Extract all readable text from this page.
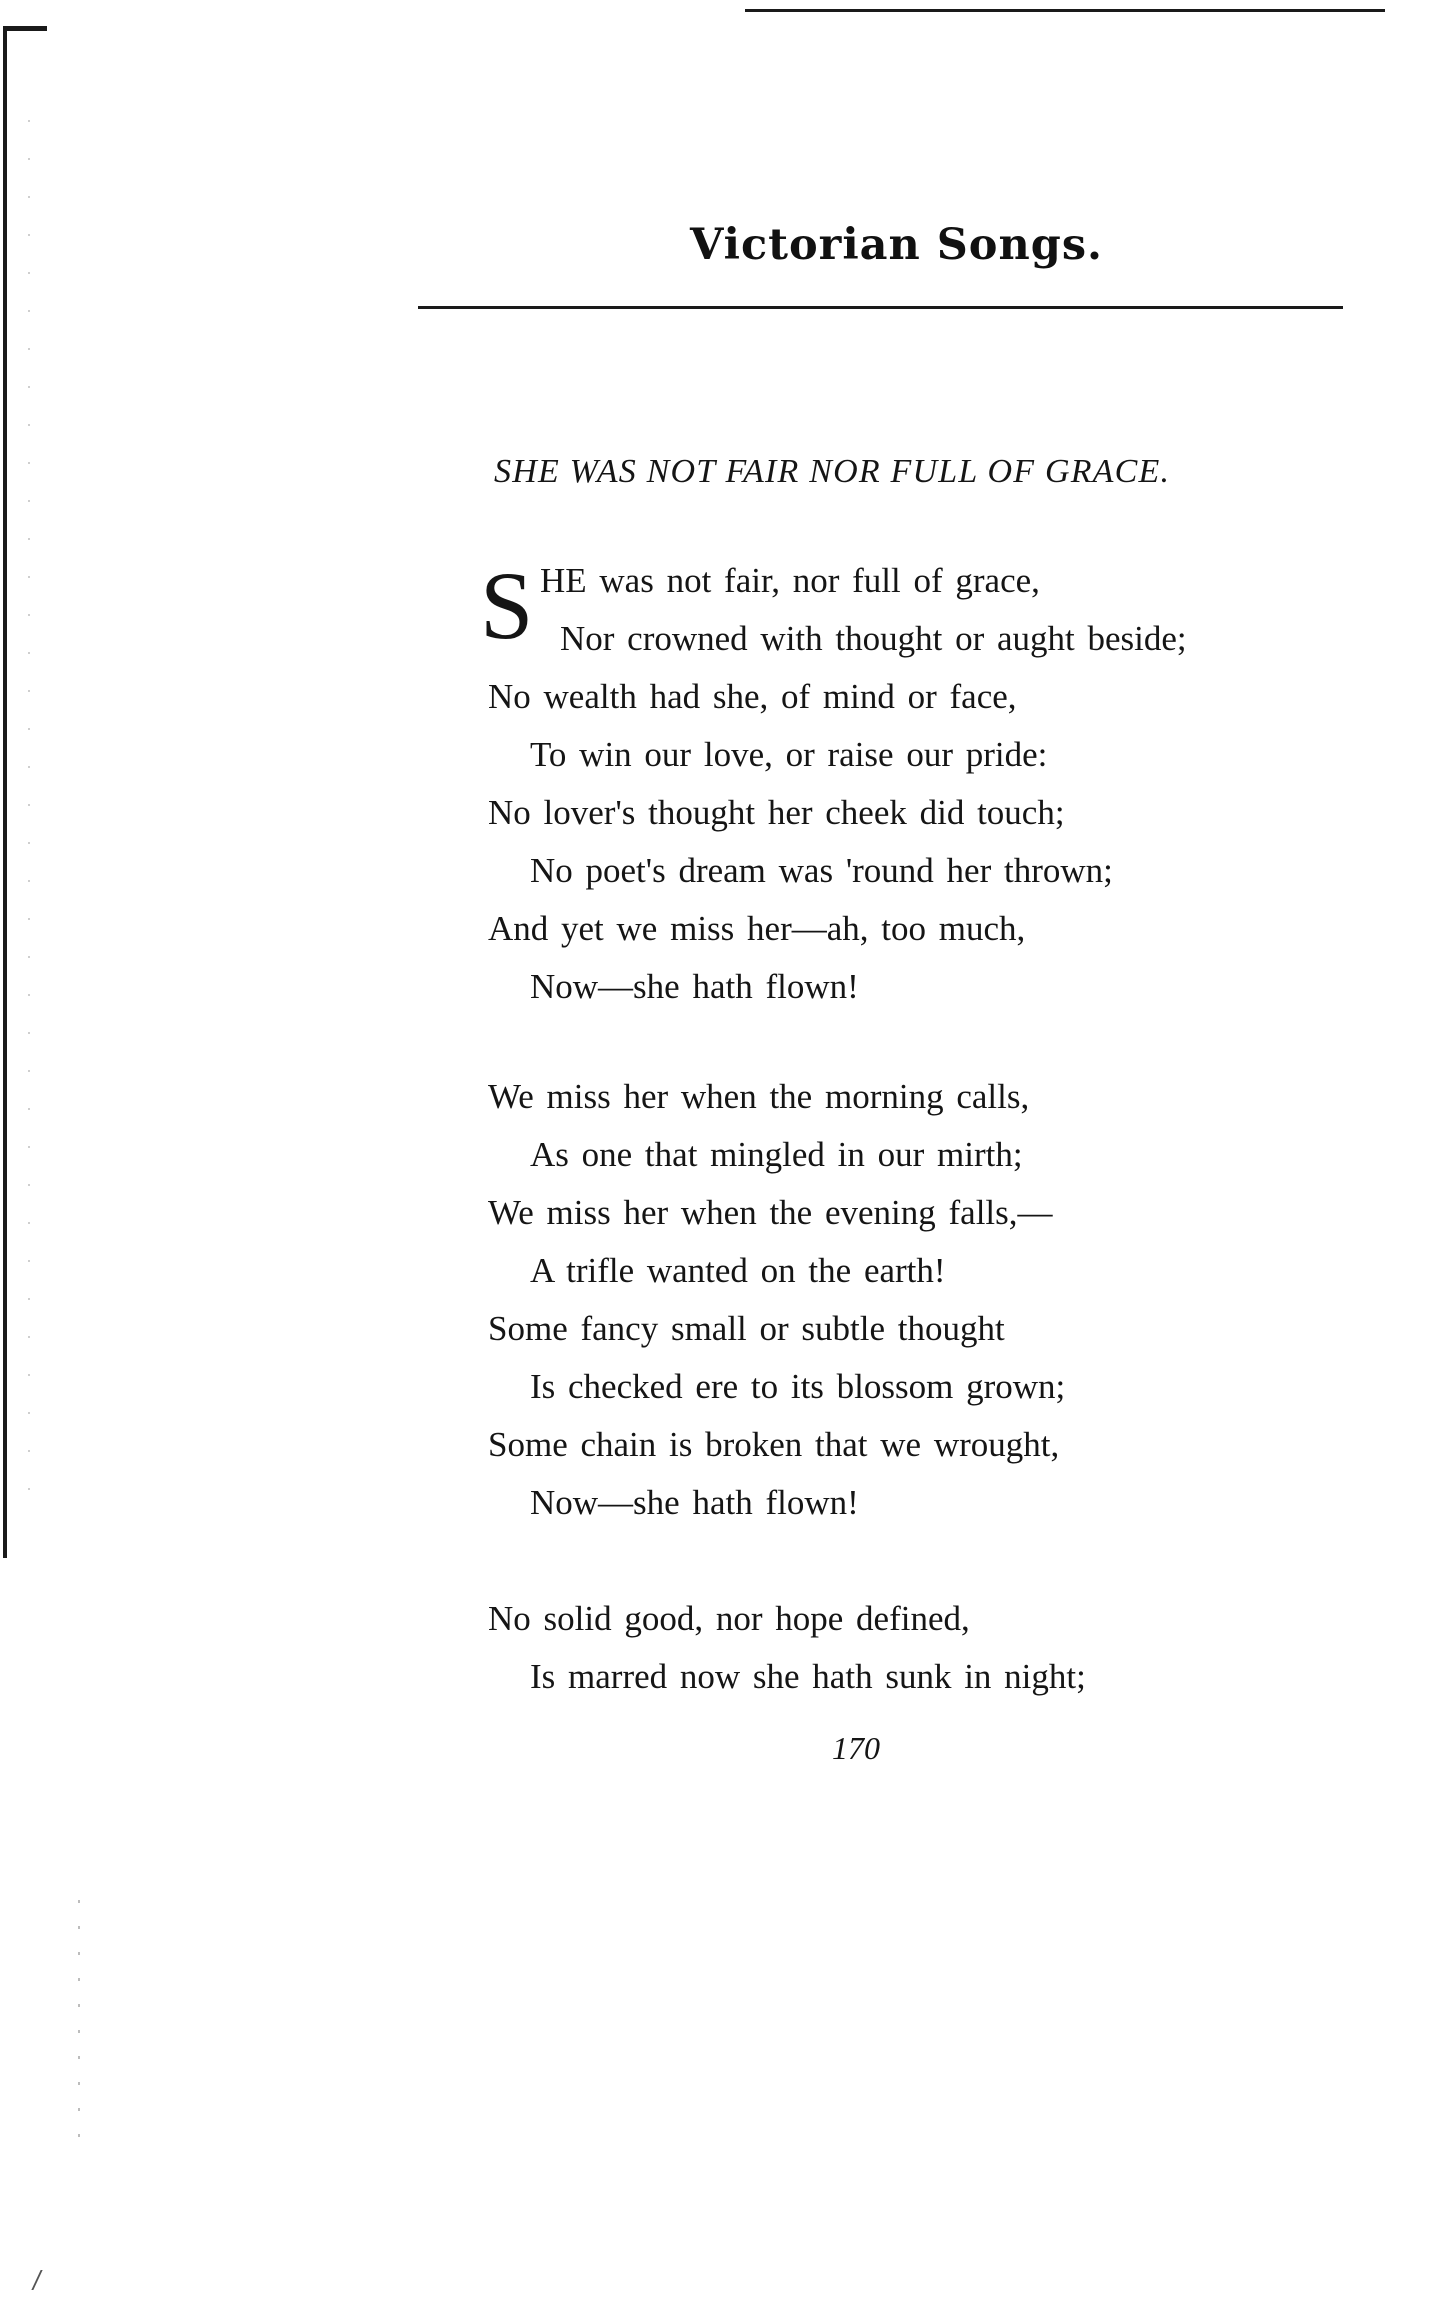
Victorian Songs.
SHE WAS NOT FAIR NOR FULL OF GRACE.
S HE was not fair, nor full of grace,
Nor crowned with thought or aught beside;
No wealth had she, of mind or face,
To win our love, or raise our pride:
No lover's thought her cheek did touch;
No poet's dream was 'round her thrown;
And yet we miss her—ah, too much,
Now—she hath flown!
We miss her when the morning calls,
As one that mingled in our mirth;
We miss her when the evening falls,—
A trifle wanted on the earth!
Some fancy small or subtle thought
Is checked ere to its blossom grown;
Some chain is broken that we wrought,
Now—she hath flown!
No solid good, nor hope defined,
Is marred now she hath sunk in night;
170
